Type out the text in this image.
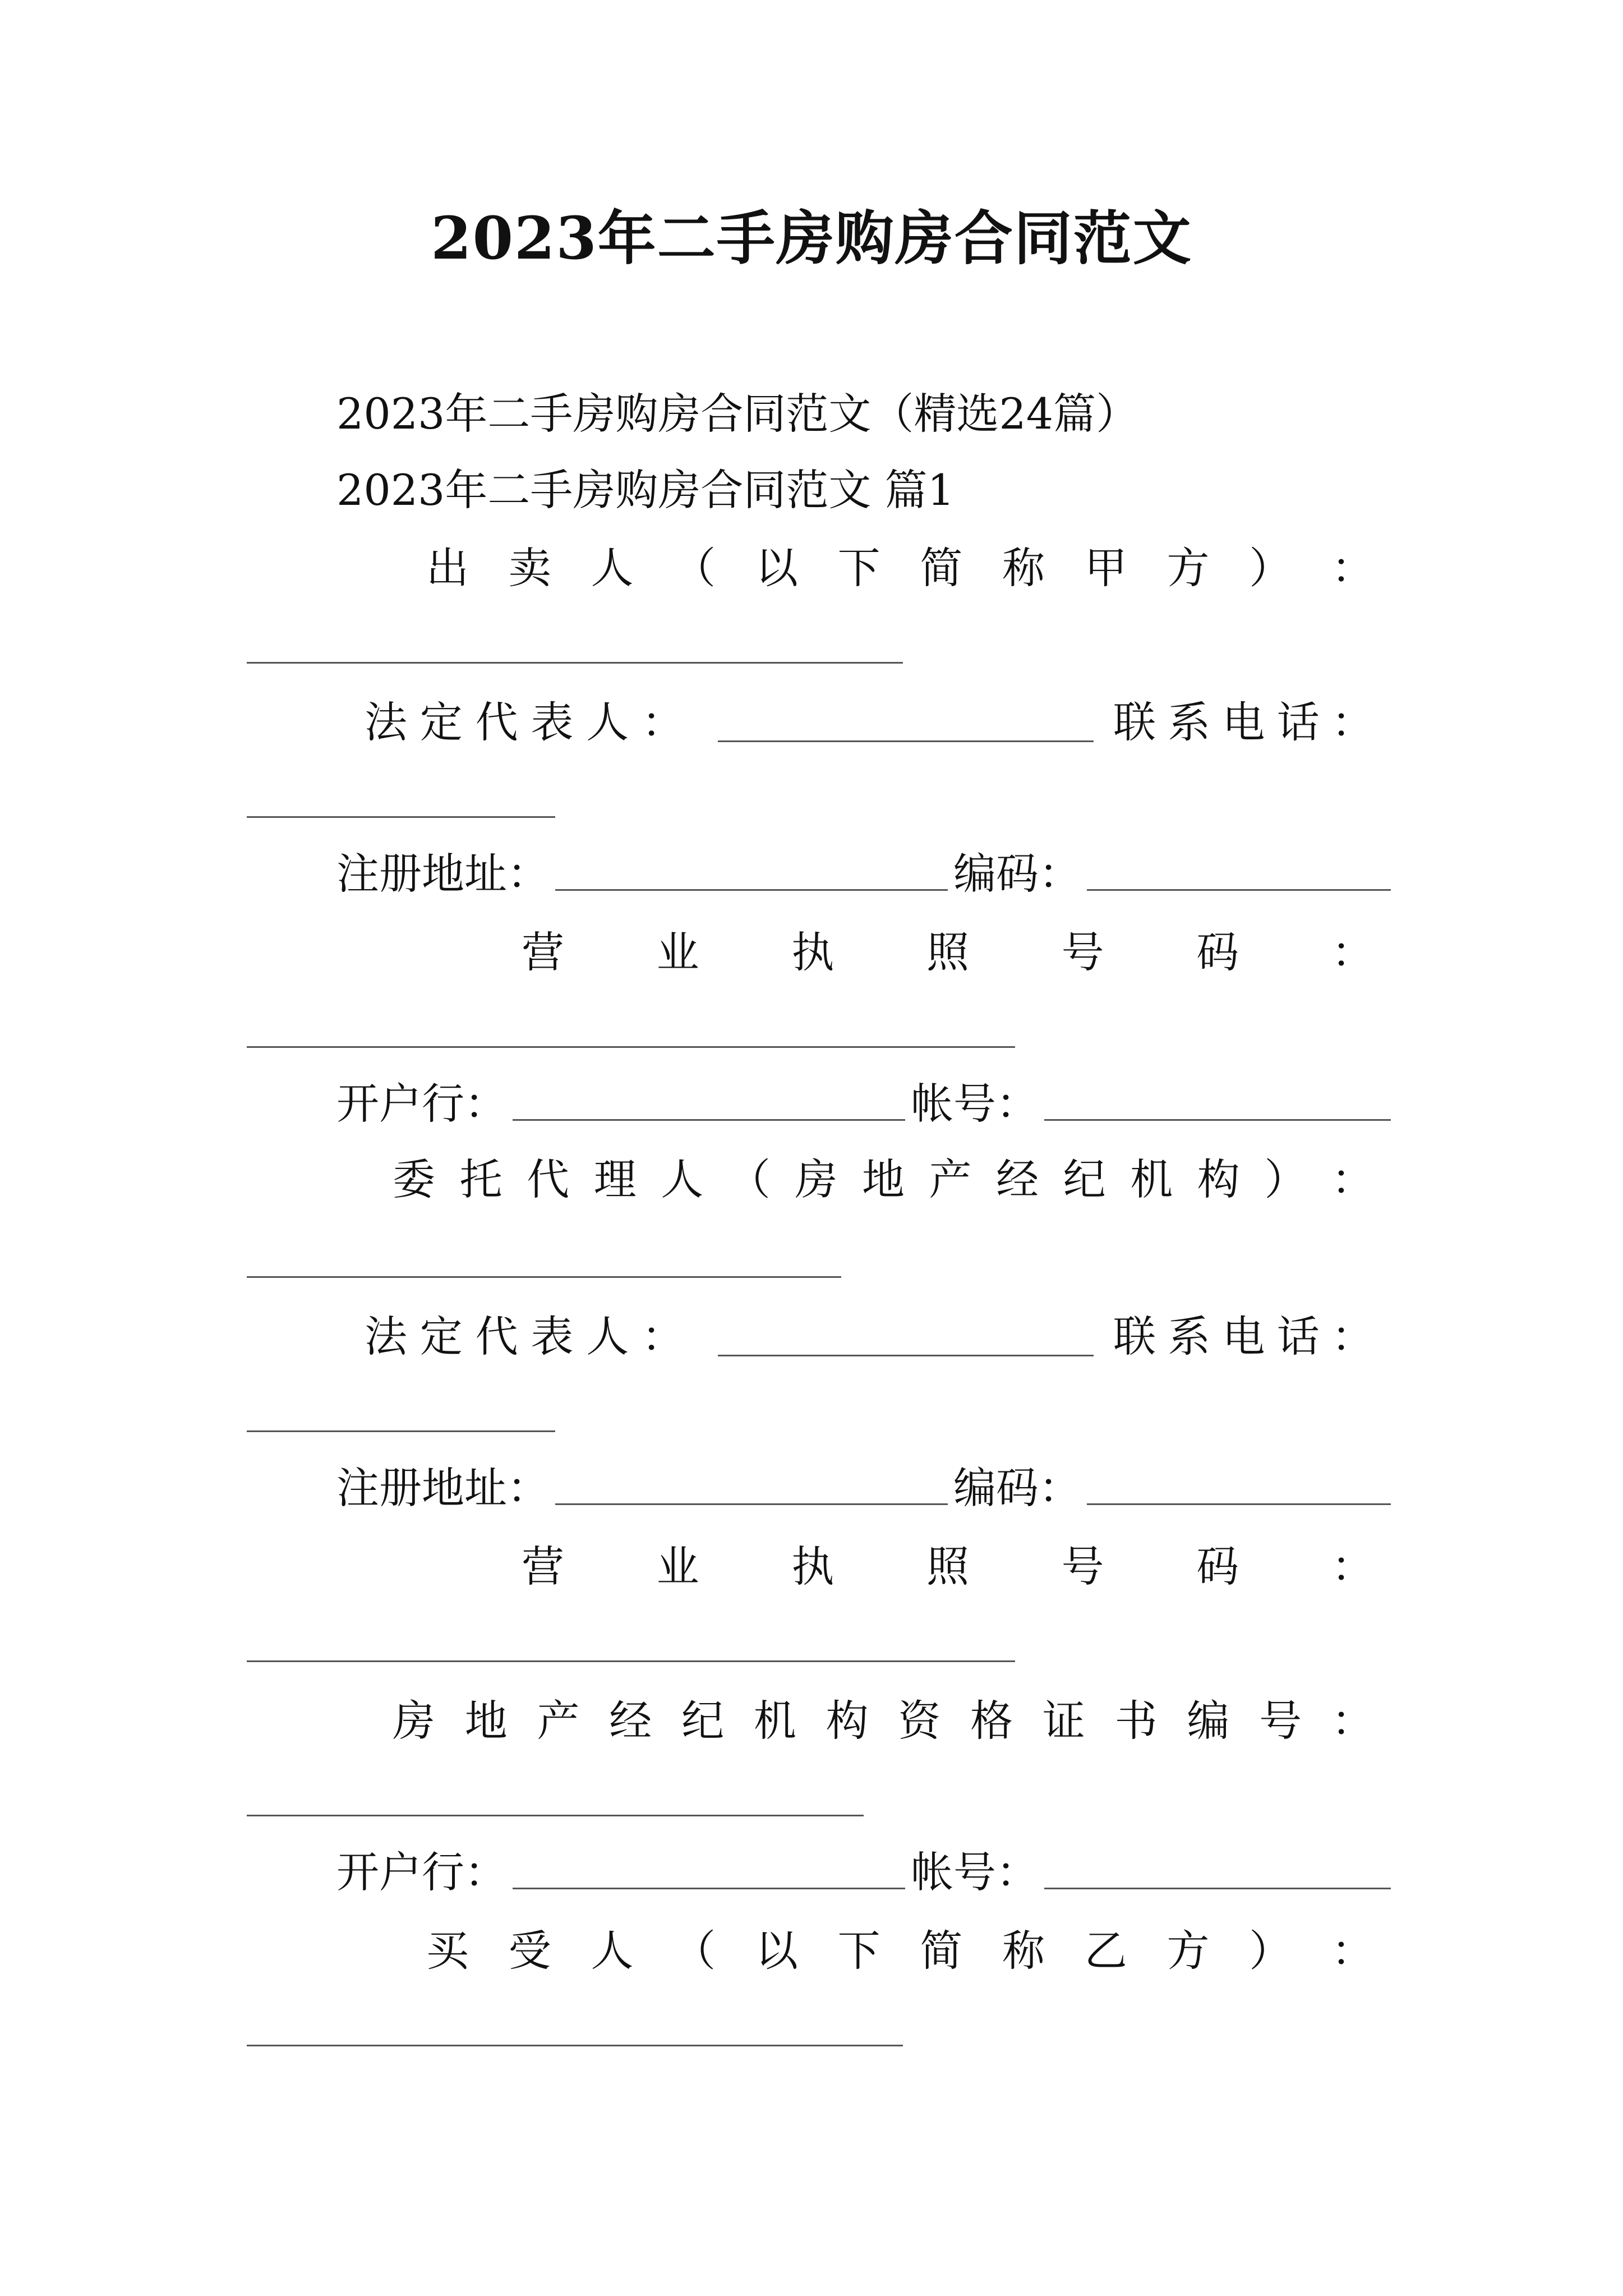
2023年二手房购房合同范文
2023年二手房购房合同范文（精选24篇）
2023年二手房购房合同范文 篇1
出 卖 人 （ 以 下 简 称 甲 方 ） ：
法 定 代 表 人 ：	联 系 电 话 ：
注册地址：	编码：
营 业 执 照 号 码 ：
开户行：	帐号：
委 托 代 理 人 （ 房 地 产 经 纪 机 构 ） ：
法 定 代 表 人 ：	联 系 电 话 ：
注册地址：	编码：
营 业 执 照 号 码 ：
房 地 产 经 纪 机 构 资 格 证 书 编 号 ：
开户行：	帐号：
买 受 人 （ 以 下 简 称 乙 方 ） ：
